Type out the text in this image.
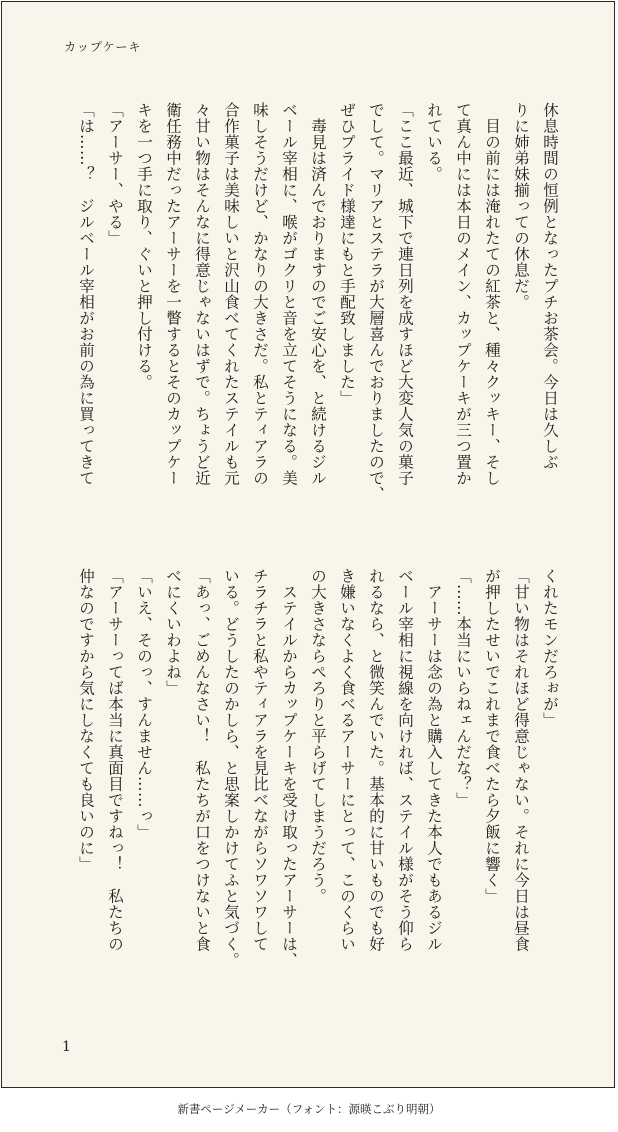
カップケーキ
休息時間の恒例となったプチお茶会。今日は久しぶ
りに姉弟妹揃っての休息だ。
　目の前には淹れたての紅茶と、種々クッキー、そし
て真ん中には本日のメイン、カップケーキが三つ置か
れている。
「ここ最近、城下で連日列を成すほど大変人気の菓子
でして。マリアとステラが大層喜んでおりましたので、
ぜひプライド様達にもと手配致しました」
　毒見は済んでおりますのでご安心を、と続けるジル
ベール宰相に、喉がゴクリと音を立てそうになる。美
味しそうだけど、かなりの大きさだ。私とティアラの
合作菓子は美味しいと沢山食べてくれたステイルも元
々甘い物はそんなに得意じゃないはずで。ちょうど近
衛任務中だったアーサーを一瞥するとそのカップケー
キを一つ手に取り、ぐいと押し付ける。
「アーサー、やる」
「は……？　ジルベール宰相がお前の為に買ってきて
くれたモンだろぉが」
「甘い物はそれほど得意じゃない。それに今日は昼食
が押したせいでこれまで食べたら夕飯に響く」
「……本当にいらねェんだな？」
　アーサーは念の為と購入してきた本人でもあるジル
ベール宰相に視線を向ければ、ステイル様がそう仰ら
れるなら、と微笑んでいた。基本的に甘いものでも好
き嫌いなくよく食べるアーサーにとって、このくらい
の大きさならぺろりと平らげてしまうだろう。
　ステイルからカップケーキを受け取ったアーサーは、
チラチラと私やティアラを見比べながらソワソワして
いる。どうしたのかしら、と思案しかけてふと気づく。
「あっ、ごめんなさい！　私たちが口をつけないと食
べにくいわよね」
「いえ、そのっ、すんません……っ」
「アーサーってば本当に真面目ですねっ！　私たちの
仲なのですから気にしなくても良いのに」
1
新書ページメーカー（フォント：源暎こぶり明朝）
